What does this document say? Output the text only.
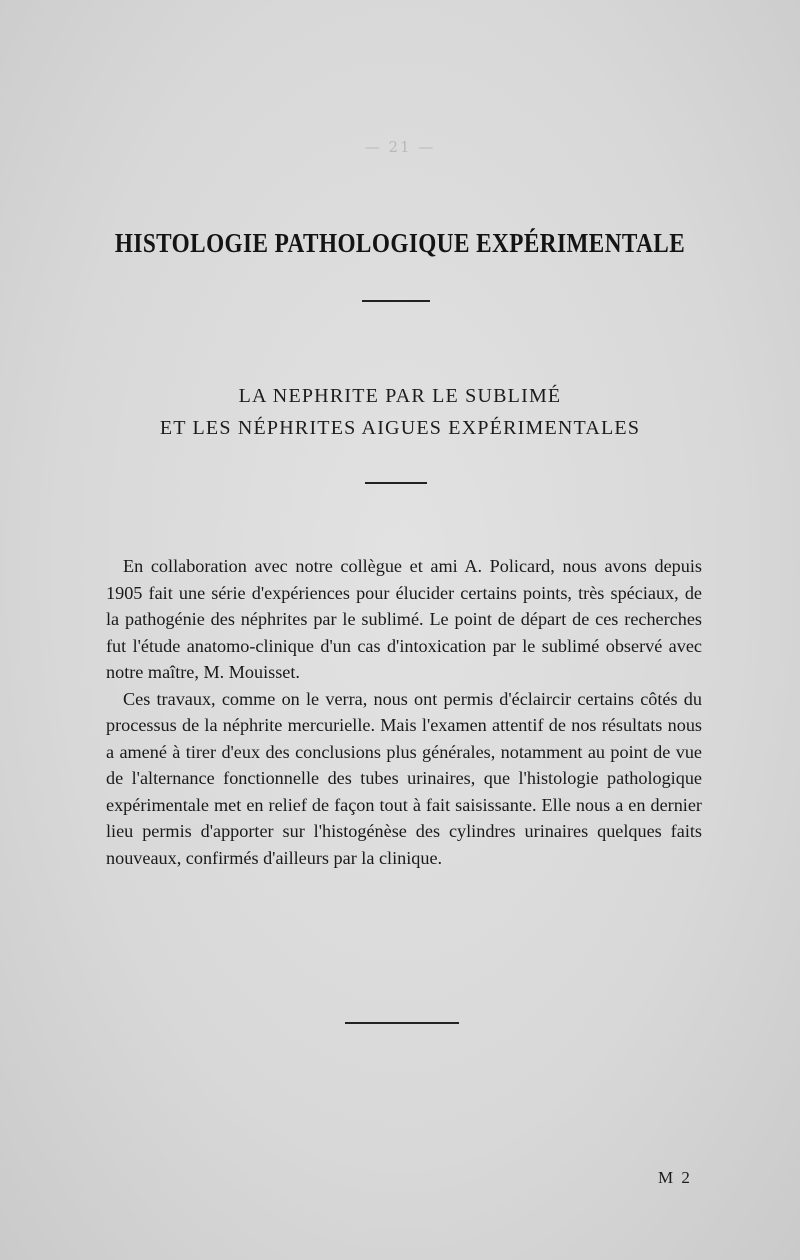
— 21 —
HISTOLOGIE PATHOLOGIQUE EXPÉRIMENTALE
LA NEPHRITE PAR LE SUBLIMÉ
ET LES NÉPHRITES AIGUES EXPÉRIMENTALES

En collaboration avec notre collègue et ami A. Policard, nous avons depuis 1905 fait une série d'expériences pour élucider certains points, très spéciaux, de la pathogénie des néphrites par le sublimé. Le point de départ de ces recherches fut l'étude anatomo-clinique d'un cas d'intoxication par le sublimé observé avec notre maître, M. Mouisset.

Ces travaux, comme on le verra, nous ont permis d'éclaircir certains côtés du processus de la néphrite mercurielle. Mais l'examen attentif de nos résultats nous a amené à tirer d'eux des conclusions plus générales, notamment au point de vue de l'alternance fonctionnelle des tubes urinaires, que l'histologie pathologique expérimentale met en relief de façon tout à fait saisissante. Elle nous a en dernier lieu permis d'apporter sur l'histogénèse des cylindres urinaires quelques faits nouveaux, confirmés d'ailleurs par la clinique.

M 2
